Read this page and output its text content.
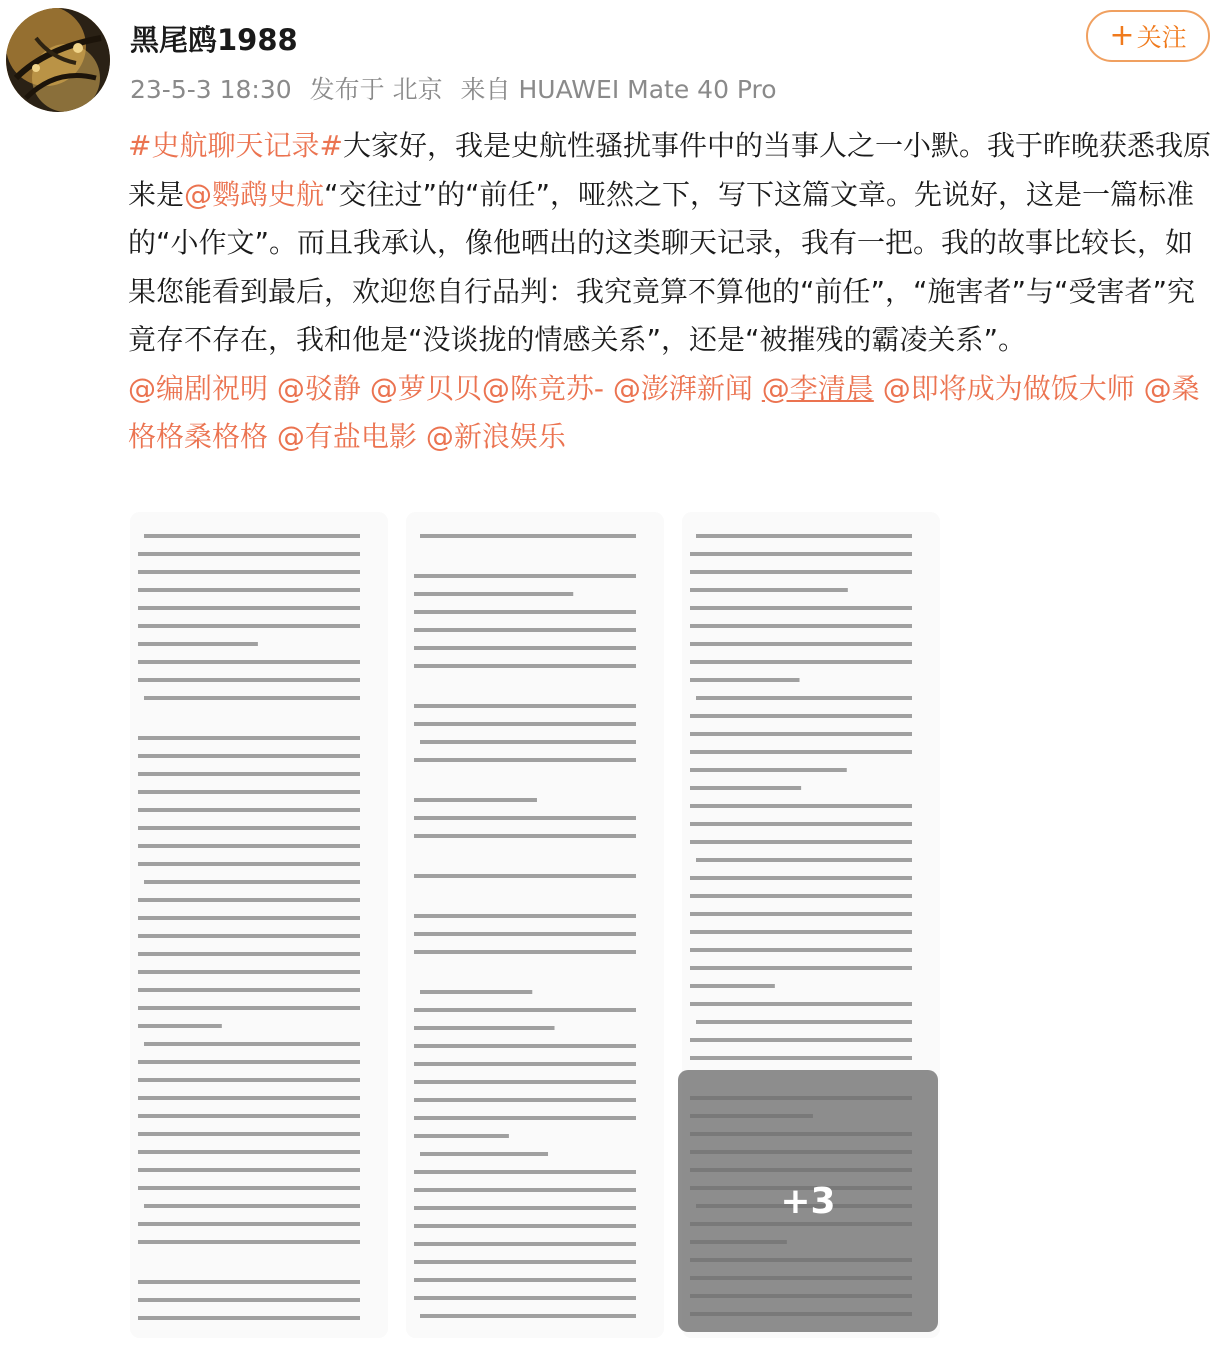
黑尾鸥1988
23-5-3 18:30 发布于 北京 来自 HUAWEI Mate 40 Pro
+ 关注
#史航聊天记录#大家好，我是史航性骚扰事件中的当事人之一小默。我于昨晚获悉我原来是@鹦鹉史航“交往过”的“前任”，哑然之下，写下这篇文章。先说好，这是一篇标准的“小作文”。而且我承认，像他晒出的这类聊天记录，我有一把。我的故事比较长，如果您能看到最后，欢迎您自行品判：我究竟算不算他的“前任”，“施害者”与“受害者”究竟存不存在，我和他是“没谈拢的情感关系”，还是“被摧残的霸凌关系”。
@编剧祝明 @驳静 @萝贝贝@陈竞苏- @澎湃新闻 @李清晨 @即将成为做饭大师 @桑格格桑格格 @有盐电影 @新浪娱乐
+3
